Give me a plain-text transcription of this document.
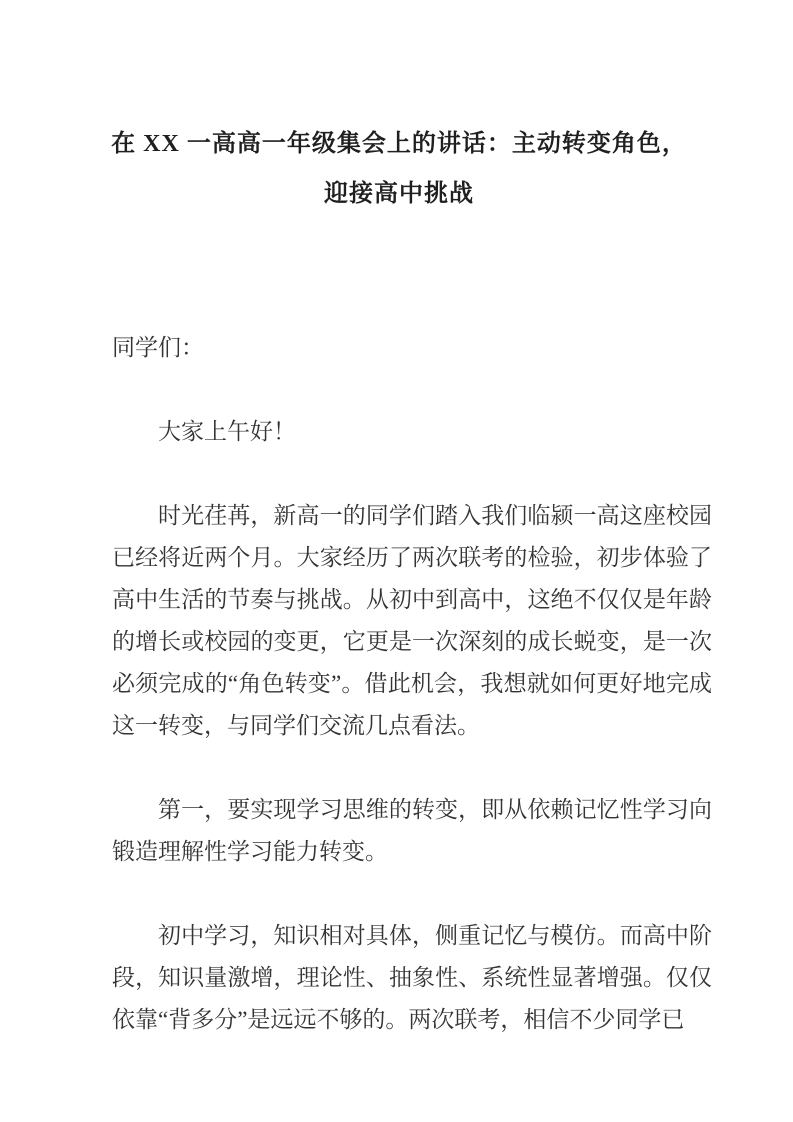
在 XX 一高高一年级集会上的讲话：主动转变角色，
迎接高中挑战

同学们：

大家上午好！

时光荏苒，新高一的同学们踏入我们临颍一高这座校园已经将近两个月。大家经历了两次联考的检验，初步体验了高中生活的节奏与挑战。从初中到高中，这绝不仅仅是年龄的增长或校园的变更，它更是一次深刻的成长蜕变，是一次必须完成的“角色转变”。借此机会，我想就如何更好地完成这一转变，与同学们交流几点看法。

第一，要实现学习思维的转变，即从依赖记忆性学习向锻造理解性学习能力转变。

初中学习，知识相对具体，侧重记忆与模仿。而高中阶段，知识量激增，理论性、抽象性、系统性显著增强。仅仅依靠“背多分”是远远不够的。两次联考，相信不少同学已
